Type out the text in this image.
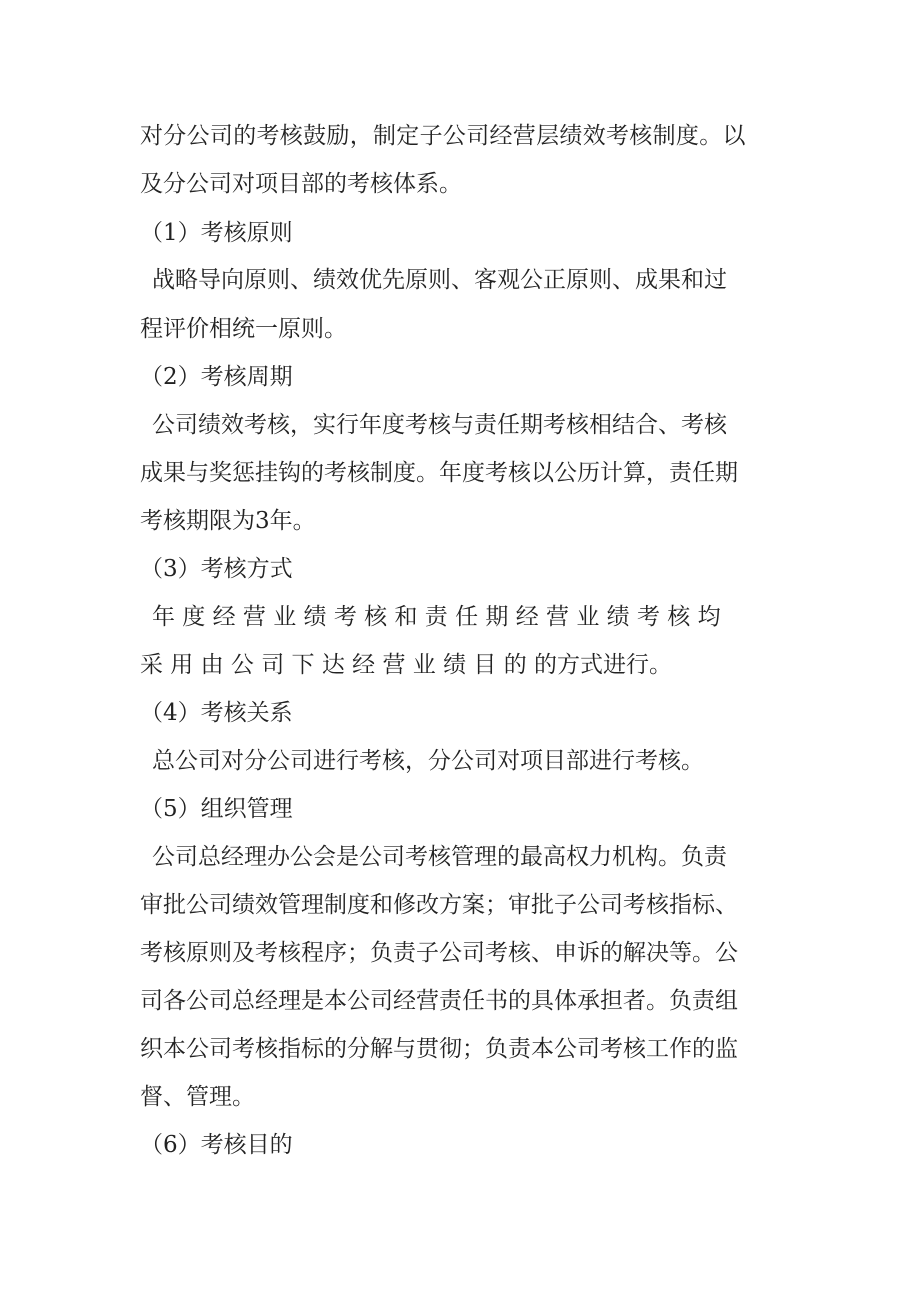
对分公司的考核鼓励，制定子公司经营层绩效考核制度。以
及分公司对项目部的考核体系。
（1）考核原则
战略导向原则、绩效优先原则、客观公正原则、成果和过
程评价相统一原则。
（2）考核周期
公司绩效考核，实行年度考核与责任期考核相结合、考核
成果与奖惩挂钩的考核制度。年度考核以公历计算，责任期
考核期限为3年。
（3）考核方式
年 度 经 营 业 绩 考 核 和 责 任 期 经 营 业 绩 考 核 均
采 用 由 公 司 下 达 经 营 业 绩 目 的 的方式进行。
（4）考核关系
总公司对分公司进行考核，分公司对项目部进行考核。
（5）组织管理
公司总经理办公会是公司考核管理的最高权力机构。负责
审批公司绩效管理制度和修改方案；审批子公司考核指标、
考核原则及考核程序；负责子公司考核、申诉的解决等。公
司各公司总经理是本公司经营责任书的具体承担者。负责组
织本公司考核指标的分解与贯彻；负责本公司考核工作的监
督、管理。
（6）考核目的
